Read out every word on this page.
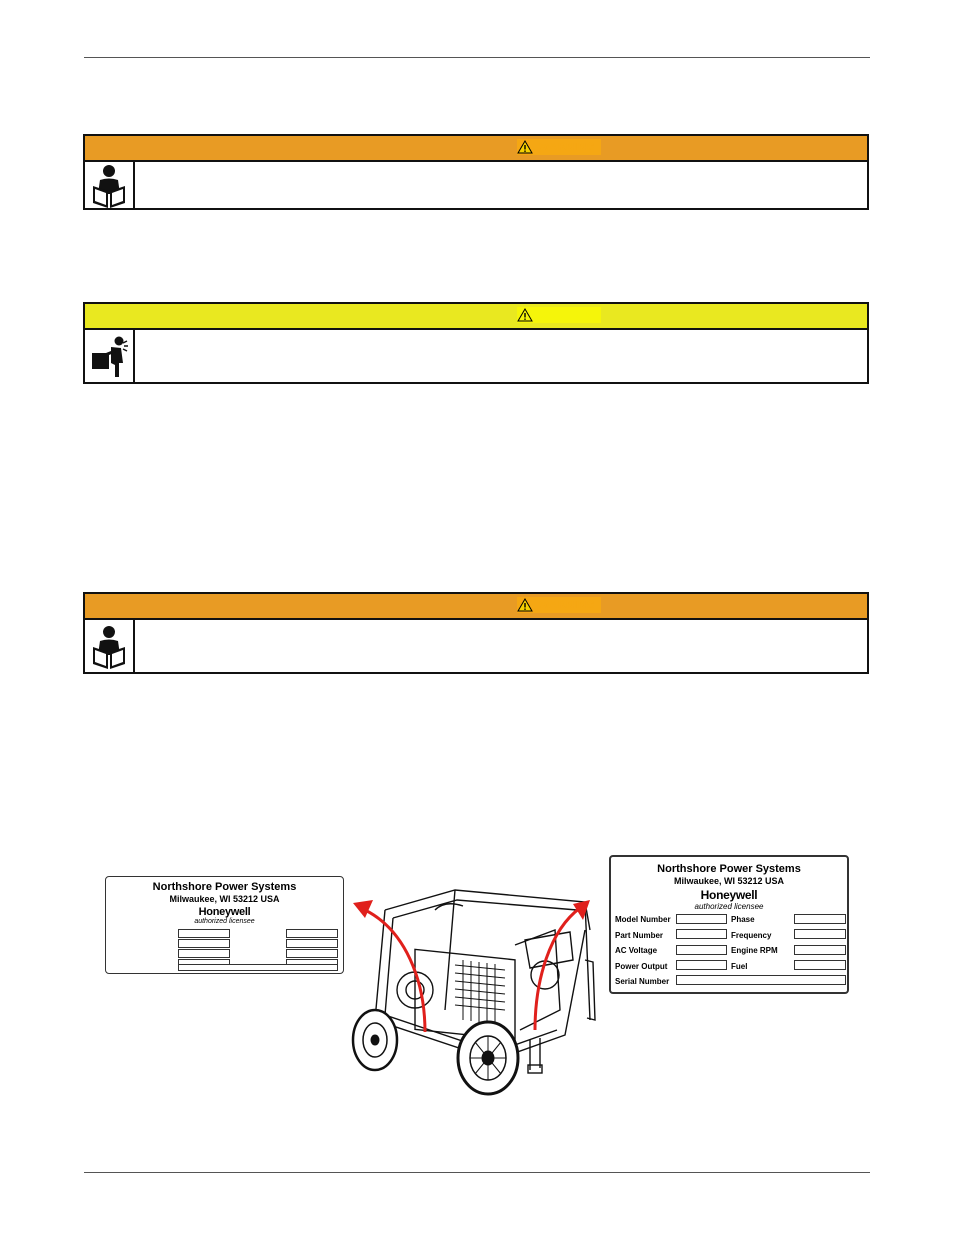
WARNING
CAUTION
WARNING
Northshore Power Systems
Milwaukee, WI 53212 USA
Honeywell
authorized licensee
Northshore Power Systems
Milwaukee, WI 53212 USA
Honeywell
authorized licensee
Model Number
Part Number
AC Voltage
Power Output
Phase
Frequency
Engine RPM
Fuel
Serial Number
